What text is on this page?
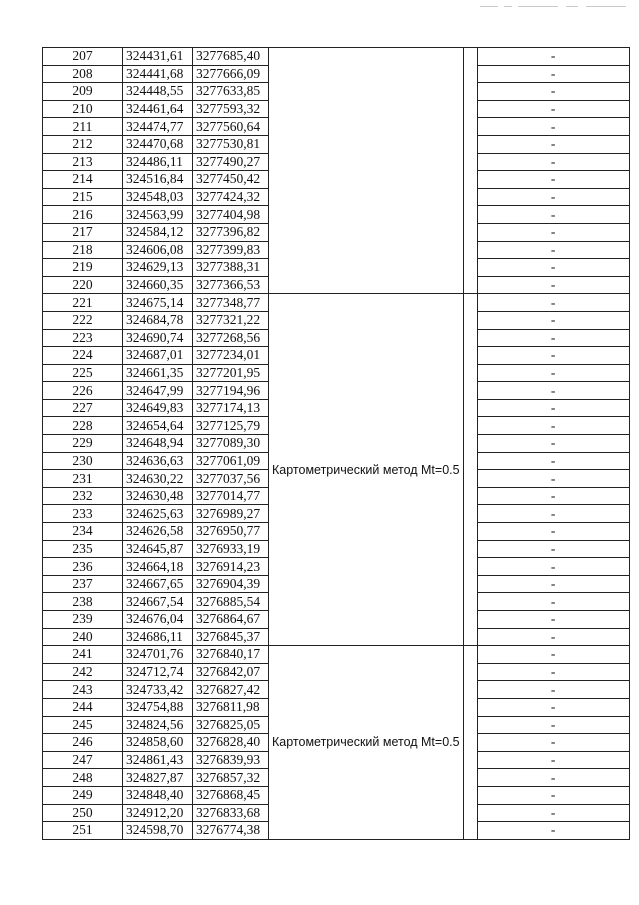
207	324431,61	3277685,40			-
208	324441,68	3277666,09			-
209	324448,55	3277633,85			-
210	324461,64	3277593,32			-
211	324474,77	3277560,64			-
212	324470,68	3277530,81			-
213	324486,11	3277490,27			-
214	324516,84	3277450,42			-
215	324548,03	3277424,32			-
216	324563,99	3277404,98			-
217	324584,12	3277396,82			-
218	324606,08	3277399,83			-
219	324629,13	3277388,31			-
220	324660,35	3277366,53			-
221	324675,14	3277348,77	Картометрический метод Mt=0.5		-
222	324684,78	3277321,22			-
223	324690,74	3277268,56			-
224	324687,01	3277234,01			-
225	324661,35	3277201,95			-
226	324647,99	3277194,96			-
227	324649,83	3277174,13			-
228	324654,64	3277125,79			-
229	324648,94	3277089,30			-
230	324636,63	3277061,09			-
231	324630,22	3277037,56			-
232	324630,48	3277014,77			-
233	324625,63	3276989,27			-
234	324626,58	3276950,77			-
235	324645,87	3276933,19			-
236	324664,18	3276914,23			-
237	324667,65	3276904,39			-
238	324667,54	3276885,54			-
239	324676,04	3276864,67			-
240	324686,11	3276845,37			-
241	324701,76	3276840,17	Картометрический метод Mt=0.5		-
242	324712,74	3276842,07			-
243	324733,42	3276827,42			-
244	324754,88	3276811,98			-
245	324824,56	3276825,05			-
246	324858,60	3276828,40			-
247	324861,43	3276839,93			-
248	324827,87	3276857,32			-
249	324848,40	3276868,45			-
250	324912,20	3276833,68			-
251	324598,70	3276774,38			-
